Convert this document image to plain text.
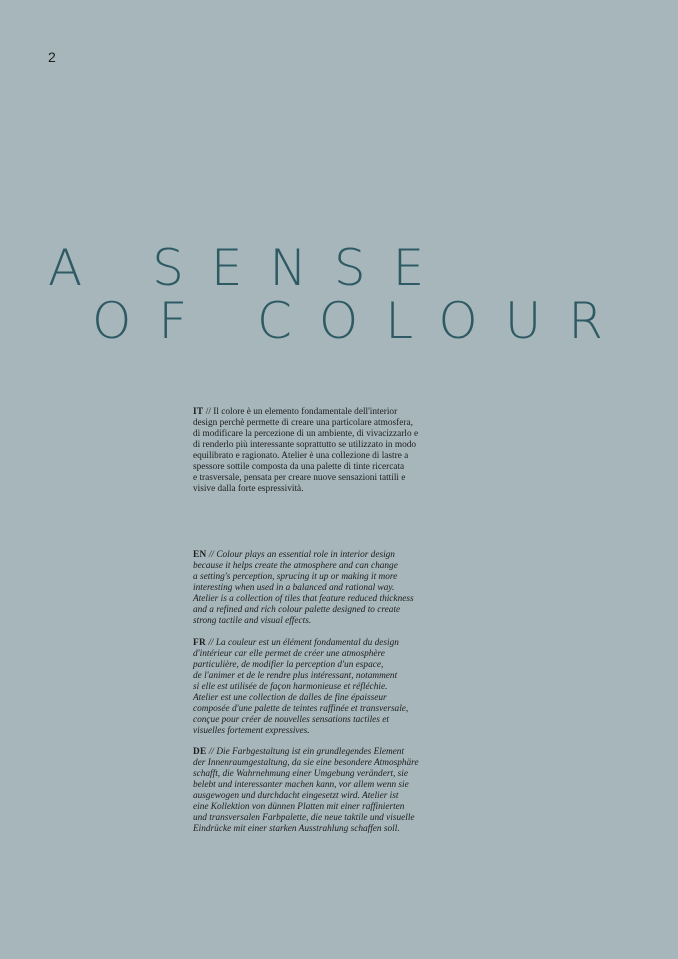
2
A SENSE
OF COLOUR

IT // Il colore è un elemento fondamentale dell'interior
design perchè permette di creare una particolare atmosfera,
di modificare la percezione di un ambiente, di vivacizzarlo e
di renderlo più interessante soprattutto se utilizzato in modo
equilibrato e ragionato. Atelier è una collezione di lastre a
spessore sottile composta da una palette di tinte ricercata
e trasversale, pensata per creare nuove sensazioni tattili e
visive dalla forte espressività.

EN // Colour plays an essential role in interior design
because it helps create the atmosphere and can change
a setting's perception, sprucing it up or making it more
interesting when used in a balanced and rational way.
Atelier is a collection of tiles that feature reduced thickness
and a refined and rich colour palette designed to create
strong tactile and visual effects.

FR // La couleur est un élément fondamental du design
d'intérieur car elle permet de créer une atmosphère
particulière, de modifier la perception d'un espace,
de l'animer et de le rendre plus intéressant, notamment
si elle est utilisée de façon harmonieuse et réfléchie.
Atelier est une collection de dalles de fine épaisseur
composée d'une palette de teintes raffinée et transversale,
conçue pour créer de nouvelles sensations tactiles et
visuelles fortement expressives.

DE // Die Farbgestaltung ist ein grundlegendes Element
der Innenraumgestaltung, da sie eine besondere Atmosphäre
schafft, die Wahrnehmung einer Umgebung verändert, sie
belebt und interessanter machen kann, vor allem wenn sie
ausgewogen und durchdacht eingesetzt wird. Atelier ist
eine Kollektion von dünnen Platten mit einer raffinierten
und transversalen Farbpalette, die neue taktile und visuelle
Eindrücke mit einer starken Ausstrahlung schaffen soll.
